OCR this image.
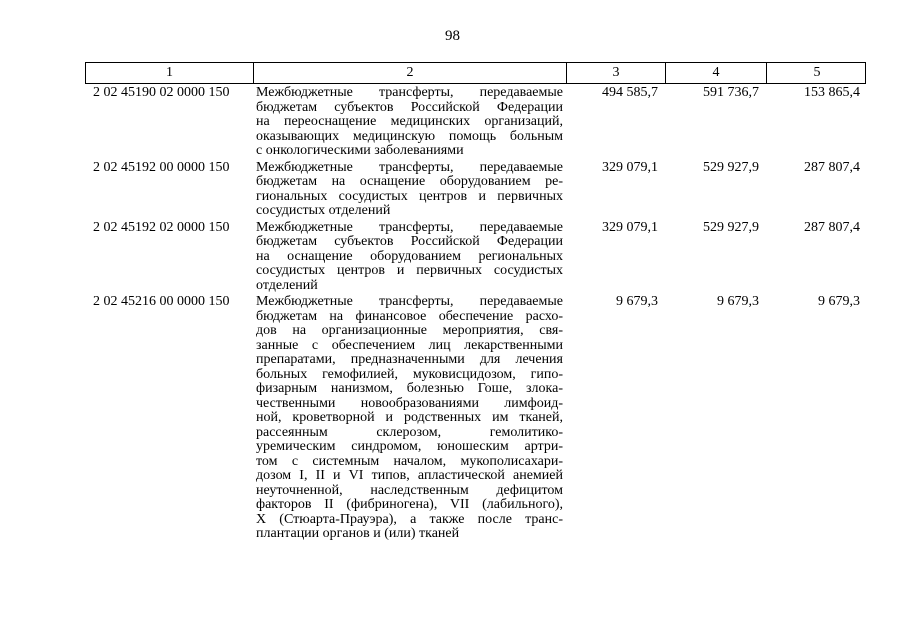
98
1	2	3	4	5
2 02 45190 02 0000 150	Межбюджетные трансферты, передаваемые
бюджетам субъектов Российской Федерации
на переоснащение медицинских организаций,
оказывающих медицинскую помощь больным
с онкологическими заболеваниями
494 585,7	591 736,7	153 865,4
2 02 45192 00 0000 150	Межбюджетные трансферты, передаваемые
бюджетам на оснащение оборудованием ре-
гиональных сосудистых центров и первичных
сосудистых отделений
329 079,1	529 927,9	287 807,4
2 02 45192 02 0000 150	Межбюджетные трансферты, передаваемые
бюджетам субъектов Российской Федерации
на оснащение оборудованием региональных
сосудистых центров и первичных сосудистых
отделений
329 079,1	529 927,9	287 807,4
2 02 45216 00 0000 150	Межбюджетные трансферты, передаваемые
бюджетам на финансовое обеспечение расхо-
дов на организационные мероприятия, свя-
занные с обеспечением лиц лекарственными
препаратами, предназначенными для лечения
больных гемофилией, муковисцидозом, гипо-
физарным нанизмом, болезнью Гоше, злока-
чественными новообразованиями лимфоид-
ной, кроветворной и родственных им тканей,
рассеянным склерозом, гемолитико-
уремическим синдромом, юношеским артри-
том с системным началом, мукополисахари-
дозом I, II и VI типов, апластической анемией
неуточненной, наследственным дефицитом
факторов II (фибриногена), VII (лабильного),
X (Стюарта-Прауэра), а также после транс-
плантации органов и (или) тканей
9 679,3	9 679,3	9 679,3
